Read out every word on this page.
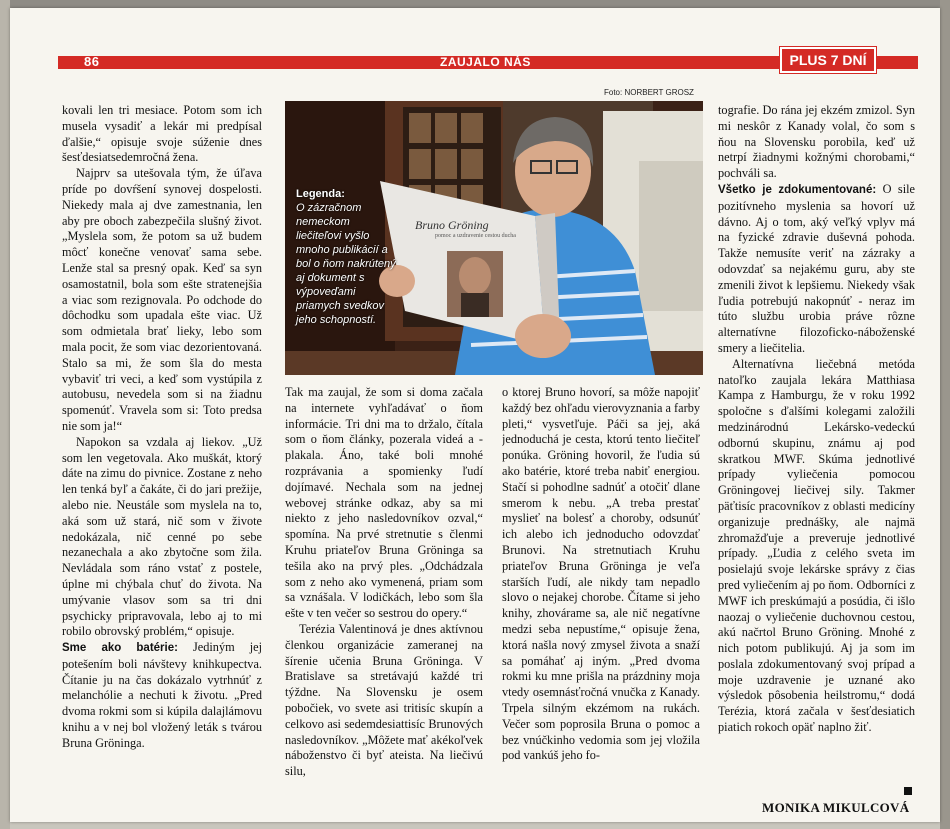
86	ZAUJALO NÁS	PLUS 7 DNÍ
Foto: NORBERT GROSZ
Bruno Gröning
pomoc a uzdravenie cestou ducha
Legenda:
O zázračnom nemeckom liečiteľovi vyšlo mnoho publikácií a bol o ňom nakrútený aj dokument s výpoveďami priamych svedkov jeho schopností.

kovali len tri mesiace. Potom som ich musela vysadiť a lekár mi predpísal ďalšie,“ opisuje svoje súženie dnes šesťdesiatsedemročná žena.

Najprv sa utešovala tým, že úľava príde po dovŕšení synovej dospelosti. Niekedy mala aj dve zamestnania, len aby pre oboch zabezpečila slušný život. „Myslela som, že potom sa už budem môcť konečne venovať sama sebe. Lenže stal sa presný opak. Keď sa syn osamostatnil, bola som ešte stratenejšia a viac som rezignovala. Po odchode do dôchodku som upadala ešte viac. Už som odmietala brať lieky, lebo som mala pocit, že som viac dezorientovaná. Stalo sa mi, že som šla do mesta vybaviť tri veci, a keď som vystúpila z autobusu, nevedela som si na žiadnu spomenúť. Vravela som si: Toto predsa nie som ja!“

Napokon sa vzdala aj liekov. „Už som len vegetovala. Ako muškát, ktorý dáte na zimu do pivnice. Zostane z neho len tenká byľ a čakáte, či do jari prežije, alebo nie. Neustále som myslela na to, aká som už stará, nič som v živote nedokázala, nič cenné po sebe nezanechala a ako zbytočne som žila. Nevládala som ráno vstať z postele, úplne mi chýbala chuť do života. Na umývanie vlasov som sa tri dni psychicky pripravovala, lebo aj to mi robilo obrovský problém,“ opisuje.

Sme ako batérie: Jediným jej potešením boli návštevy knihkupectva. Čítanie ju na čas dokázalo vytrhnúť z melanchólie a nechuti k životu. „Pred dvoma rokmi som si kúpila dalajlámovu knihu a v nej bol vložený leták s tvárou Bruna Gröninga.

Tak ma zaujal, že som si doma začala na internete vyhľadávať o ňom informácie. Tri dni ma to držalo, čítala som o ňom články, pozerala videá a - plakala. Áno, také boli mnohé rozprávania a spomienky ľudí dojímavé. Nechala som na jednej webovej stránke odkaz, aby sa mi niekto z jeho nasledovníkov ozval,“ spomína. Na prvé stretnutie s členmi Kruhu priateľov Bruna Gröninga sa tešila ako na prvý ples. „Odchádzala som z neho ako vymenená, priam som sa vznášala. V lodičkách, lebo som šla ešte v ten večer so sestrou do opery.“

Terézia Valentinová je dnes aktívnou členkou organizácie zameranej na šírenie učenia Bruna Gröninga. V Bratislave sa stretávajú každé tri týždne. Na Slovensku je osem pobočiek, vo svete asi tritisíc skupín a celkovo asi sedemdesiattisíc Brunových nasledovníkov. „Môžete mať akékoľvek náboženstvo či byť ateista. Na liečivú silu,

o ktorej Bruno hovorí, sa môže napojiť každý bez ohľadu vierovyznania a farby pleti,“ vysvetľuje. Páči sa jej, aká jednoduchá je cesta, ktorú tento liečiteľ ponúka. Gröning hovoril, že ľudia sú ako batérie, ktoré treba nabiť energiou. Stačí si pohodlne sadnúť a otočiť dlane smerom k nebu. „A treba prestať myslieť na bolesť a choroby, odsunúť ich alebo ich jednoducho odovzdať Brunovi. Na stretnutiach Kruhu priateľov Bruna Gröninga je veľa starších ľudí, ale nikdy tam nepadlo slovo o nejakej chorobe. Čítame si jeho knihy, zhovárame sa, ale nič negatívne medzi seba nepustíme,“ opisuje žena, ktorá našla nový zmysel života a snaží sa pomáhať aj iným. „Pred dvoma rokmi ku mne prišla na prázdniny moja vtedy osemnásťročná vnučka z Kanady. Trpela silným ekzémom na rukách. Večer som poprosila Bruna o pomoc a bez vnúčkinho vedomia som jej vložila pod vankúš jeho fo-

tografie. Do rána jej ekzém zmizol. Syn mi neskôr z Kanady volal, čo som s ňou na Slovensku porobila, keď už netrpí žiadnymi kožnými chorobami,“ pochváli sa.

Všetko je zdokumentované: O sile pozitívneho myslenia sa hovorí už dávno. Aj o tom, aký veľký vplyv má na fyzické zdravie duševná pohoda. Takže nemusíte veriť na zázraky a odovzdať sa nejakému guru, aby ste zmenili život k lepšiemu. Niekedy však ľudia potrebujú nakopnúť - neraz im túto službu urobia práve rôzne alternatívne filozoficko-náboženské smery a liečitelia.

Alternatívna liečebná metóda natoľko zaujala lekára Matthiasa Kampa z Hamburgu, že v roku 1992 spoločne s ďalšími kolegami založili medzinárodnú Lekársko-vedeckú odbornú skupinu, známu aj pod skratkou MWF. Skúma jednotlivé prípady vyliečenia pomocou Gröningovej liečivej sily. Takmer päťtisíc pracovníkov z oblasti medicíny organizuje prednášky, ale najmä zhromažďuje a preveruje jednotlivé prípady. „Ľudia z celého sveta im posielajú svoje lekárske správy z čias pred vyliečením aj po ňom. Odborníci z MWF ich preskúmajú a posúdia, či išlo naozaj o vyliečenie duchovnou cestou, akú načrtol Bruno Gröning. Mnohé z nich potom publikujú. Aj ja som im poslala zdokumentovaný svoj prípad a moje uzdravenie je uznané ako výsledok pôsobenia heilstromu,“ dodá Terézia, ktorá začala v šesťdesiatich piatich rokoch opäť naplno žiť.

MONIKA MIKULCOVÁ
